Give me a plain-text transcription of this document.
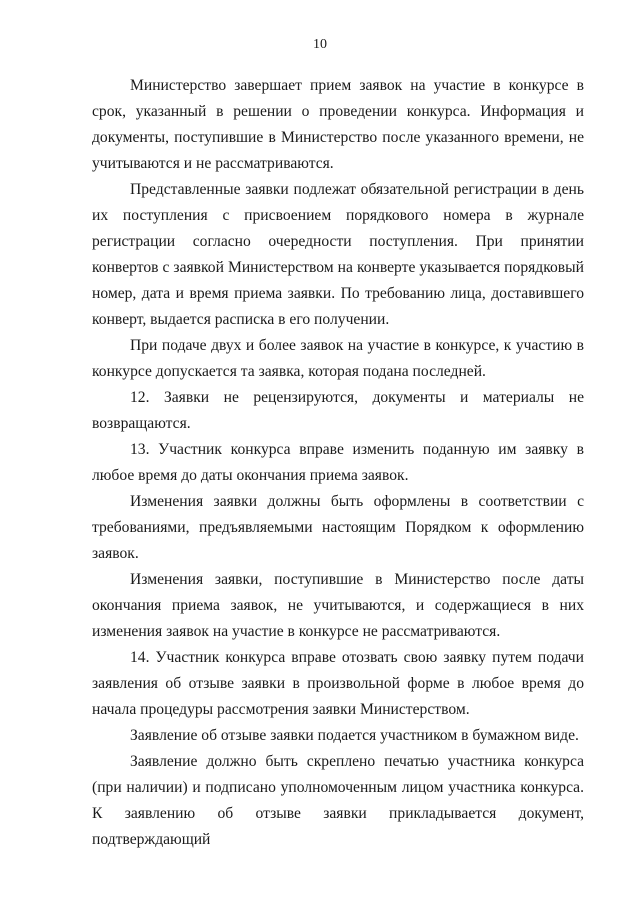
10

Министерство завершает прием заявок на участие в конкурсе в срок, указанный в решении о проведении конкурса. Информация и документы, поступившие в Министерство после указанного времени, не учитываются и не рассматриваются.

Представленные заявки подлежат обязательной регистрации в день их поступления с присвоением порядкового номера в журнале регистрации согласно очередности поступления. При принятии конвертов с заявкой Министерством на конверте указывается порядковый номер, дата и время приема заявки. По требованию лица, доставившего конверт, выдается расписка в его получении.

При подаче двух и более заявок на участие в конкурсе, к участию в конкурсе допускается та заявка, которая подана последней.

12. Заявки не рецензируются, документы и материалы не возвращаются.

13. Участник конкурса вправе изменить поданную им заявку в любое время до даты окончания приема заявок.

Изменения заявки должны быть оформлены в соответствии с требованиями, предъявляемыми настоящим Порядком к оформлению заявок.

Изменения заявки, поступившие в Министерство после даты окончания приема заявок, не учитываются, и содержащиеся в них изменения заявок на участие в конкурсе не рассматриваются.

14. Участник конкурса вправе отозвать свою заявку путем подачи заявления об отзыве заявки в произвольной форме в любое время до начала процедуры рассмотрения заявки Министерством.

Заявление об отзыве заявки подается участником в бумажном виде.

Заявление должно быть скреплено печатью участника конкурса (при наличии) и подписано уполномоченным лицом участника конкурса. К заявлению об отзыве заявки прикладывается документ, подтверждающий
